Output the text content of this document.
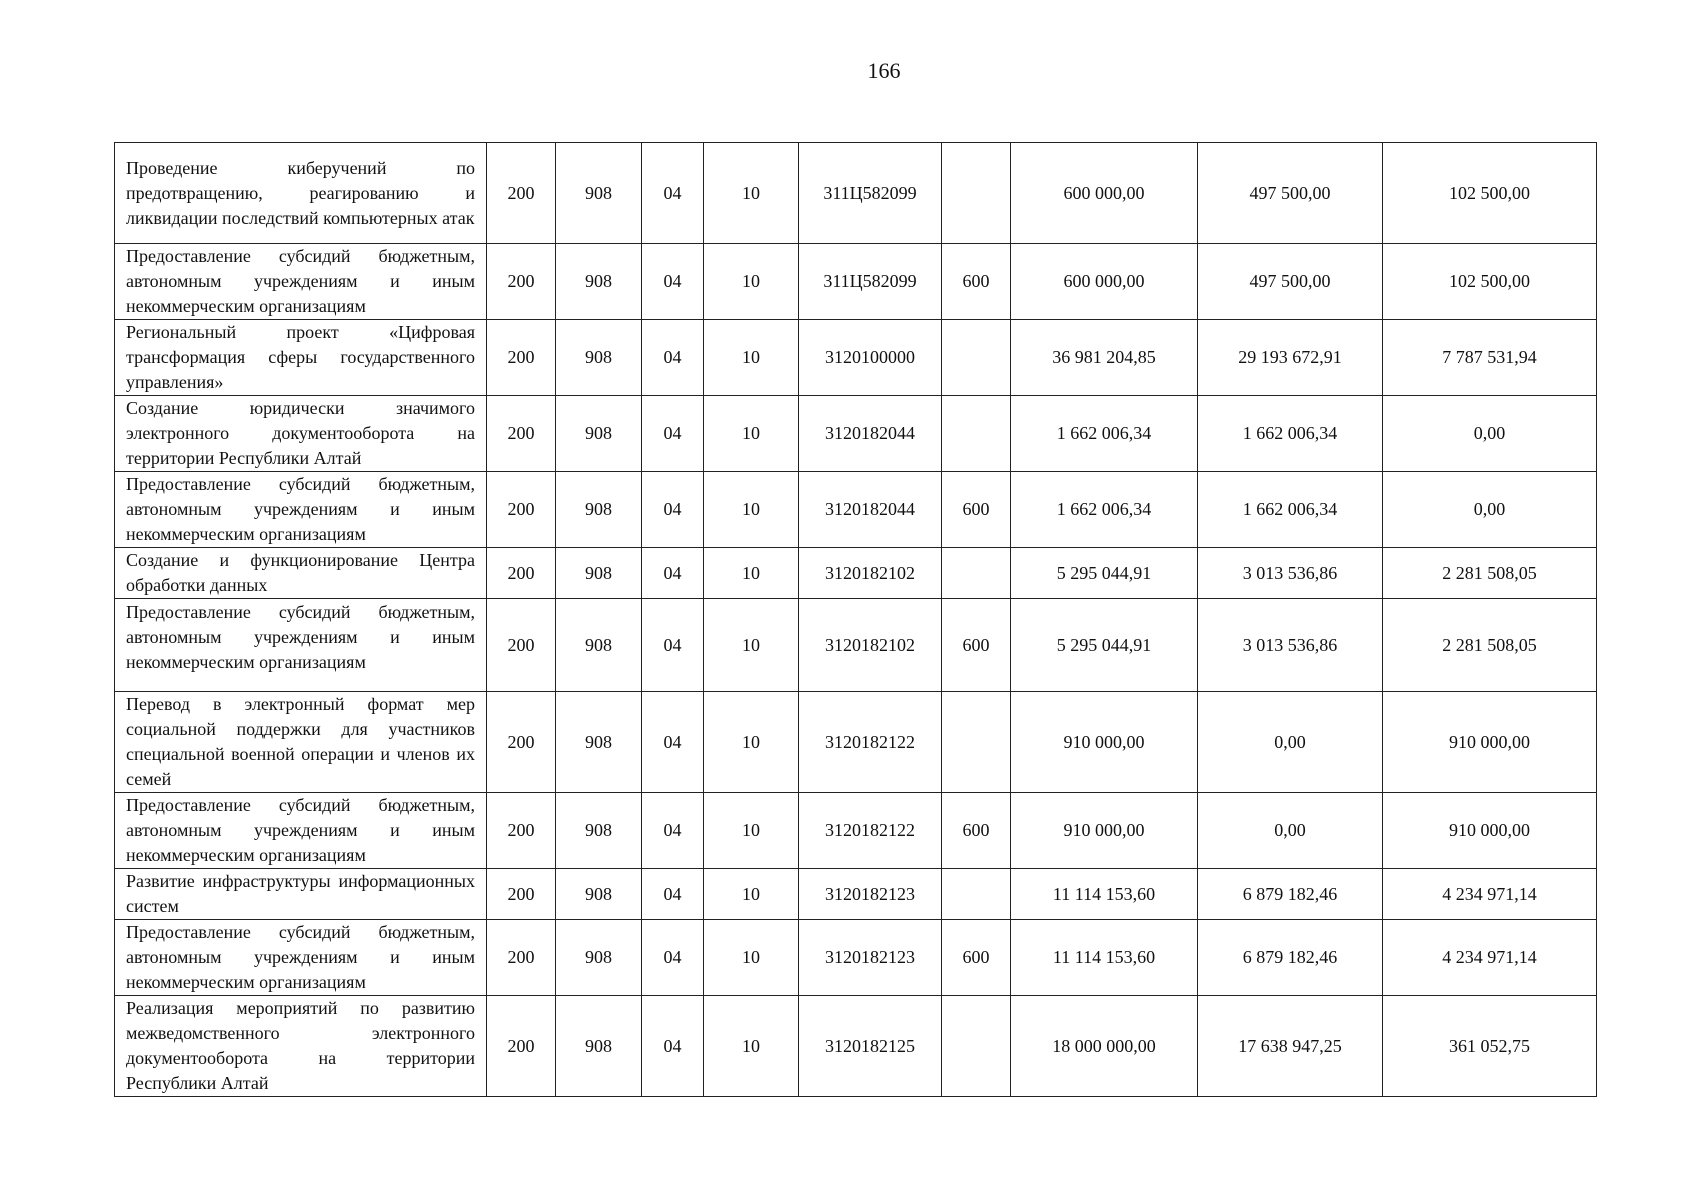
166
Проведение киберучений по предотвращению, реагированию и ликвидации последствий компьютерных атак	200	908	04	10	311Ц582099		600 000,00	497 500,00	102 500,00
Предоставление субсидий бюджетным, автономным учреждениям и иным некоммерческим организациям	200	908	04	10	311Ц582099	600	600 000,00	497 500,00	102 500,00
Региональный проект «Цифровая трансформация сферы государственного управления»	200	908	04	10	3120100000		36 981 204,85	29 193 672,91	7 787 531,94
Создание юридически значимого электронного документооборота на территории Республики Алтай	200	908	04	10	3120182044		1 662 006,34	1 662 006,34	0,00
Предоставление субсидий бюджетным, автономным учреждениям и иным некоммерческим организациям	200	908	04	10	3120182044	600	1 662 006,34	1 662 006,34	0,00
Создание и функционирование Центра обработки данных	200	908	04	10	3120182102		5 295 044,91	3 013 536,86	2 281 508,05
Предоставление субсидий бюджетным, автономным учреждениям и иным некоммерческим организациям	200	908	04	10	3120182102	600	5 295 044,91	3 013 536,86	2 281 508,05
Перевод в электронный формат мер социальной поддержки для участников специальной военной операции и членов их семей	200	908	04	10	3120182122		910 000,00	0,00	910 000,00
Предоставление субсидий бюджетным, автономным учреждениям и иным некоммерческим организациям	200	908	04	10	3120182122	600	910 000,00	0,00	910 000,00
Развитие инфраструктуры информационных систем	200	908	04	10	3120182123		11 114 153,60	6 879 182,46	4 234 971,14
Предоставление субсидий бюджетным, автономным учреждениям и иным некоммерческим организациям	200	908	04	10	3120182123	600	11 114 153,60	6 879 182,46	4 234 971,14
Реализация мероприятий по развитию межведомственного электронного документооборота на территории Республики Алтай	200	908	04	10	3120182125		18 000 000,00	17 638 947,25	361 052,75
